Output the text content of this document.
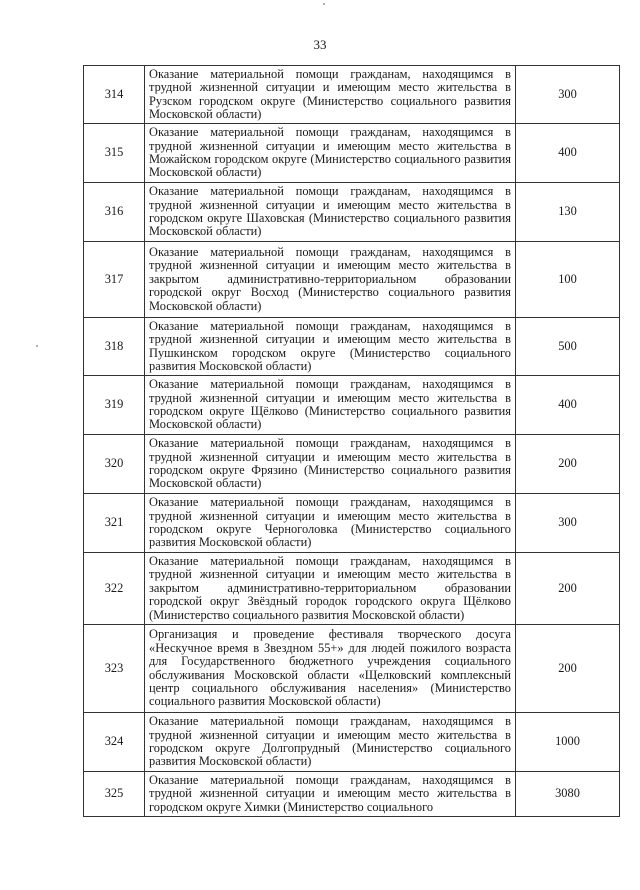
33
314	Оказание материальной помощи гражданам, находящимся в трудной жизненной ситуации и имеющим место жительства в Рузском городском округе (Министерство социального развития Московской области)	300
315	Оказание материальной помощи гражданам, находящимся в трудной жизненной ситуации и имеющим место жительства в Можайском городском округе (Министерство социального развития Московской области)	400
316	Оказание материальной помощи гражданам, находящимся в трудной жизненной ситуации и имеющим место жительства в городском округе Шаховская (Министерство социального развития Московской области)	130
317	Оказание материальной помощи гражданам, находящимся в трудной жизненной ситуации и имеющим место жительства в закрытом административно-территориальном образовании городской округ Восход (Министерство социального развития Московской области)	100
318	Оказание материальной помощи гражданам, находящимся в трудной жизненной ситуации и имеющим место жительства в Пушкинском городском округе (Министерство социального развития Московской области)	500
319	Оказание материальной помощи гражданам, находящимся в трудной жизненной ситуации и имеющим место жительства в городском округе Щёлково (Министерство социального развития Московской области)	400
320	Оказание материальной помощи гражданам, находящимся в трудной жизненной ситуации и имеющим место жительства в городском округе Фрязино (Министерство социального развития Московской области)	200
321	Оказание материальной помощи гражданам, находящимся в трудной жизненной ситуации и имеющим место жительства в городском округе Черноголовка (Министерство социального развития Московской области)	300
322	Оказание материальной помощи гражданам, находящимся в трудной жизненной ситуации и имеющим место жительства в закрытом административно-территориальном образовании городской округ Звёздный городок городского округа Щёлково (Министерство социального развития Московской области)	200
323	Организация и проведение фестиваля творческого досуга «Нескучное время в Звездном 55+» для людей пожилого возраста для Государственного бюджетного учреждения социального обслуживания Московской области «Щелковский комплексный центр социального обслуживания населения» (Министерство социального развития Московской области)	200
324	Оказание материальной помощи гражданам, находящимся в трудной жизненной ситуации и имеющим место жительства в городском округе Долгопрудный (Министерство социального развития Московской области)	1000
325	Оказание материальной помощи гражданам, находящимся в трудной жизненной ситуации и имеющим место жительства в городском округе Химки (Министерство социального	3080
